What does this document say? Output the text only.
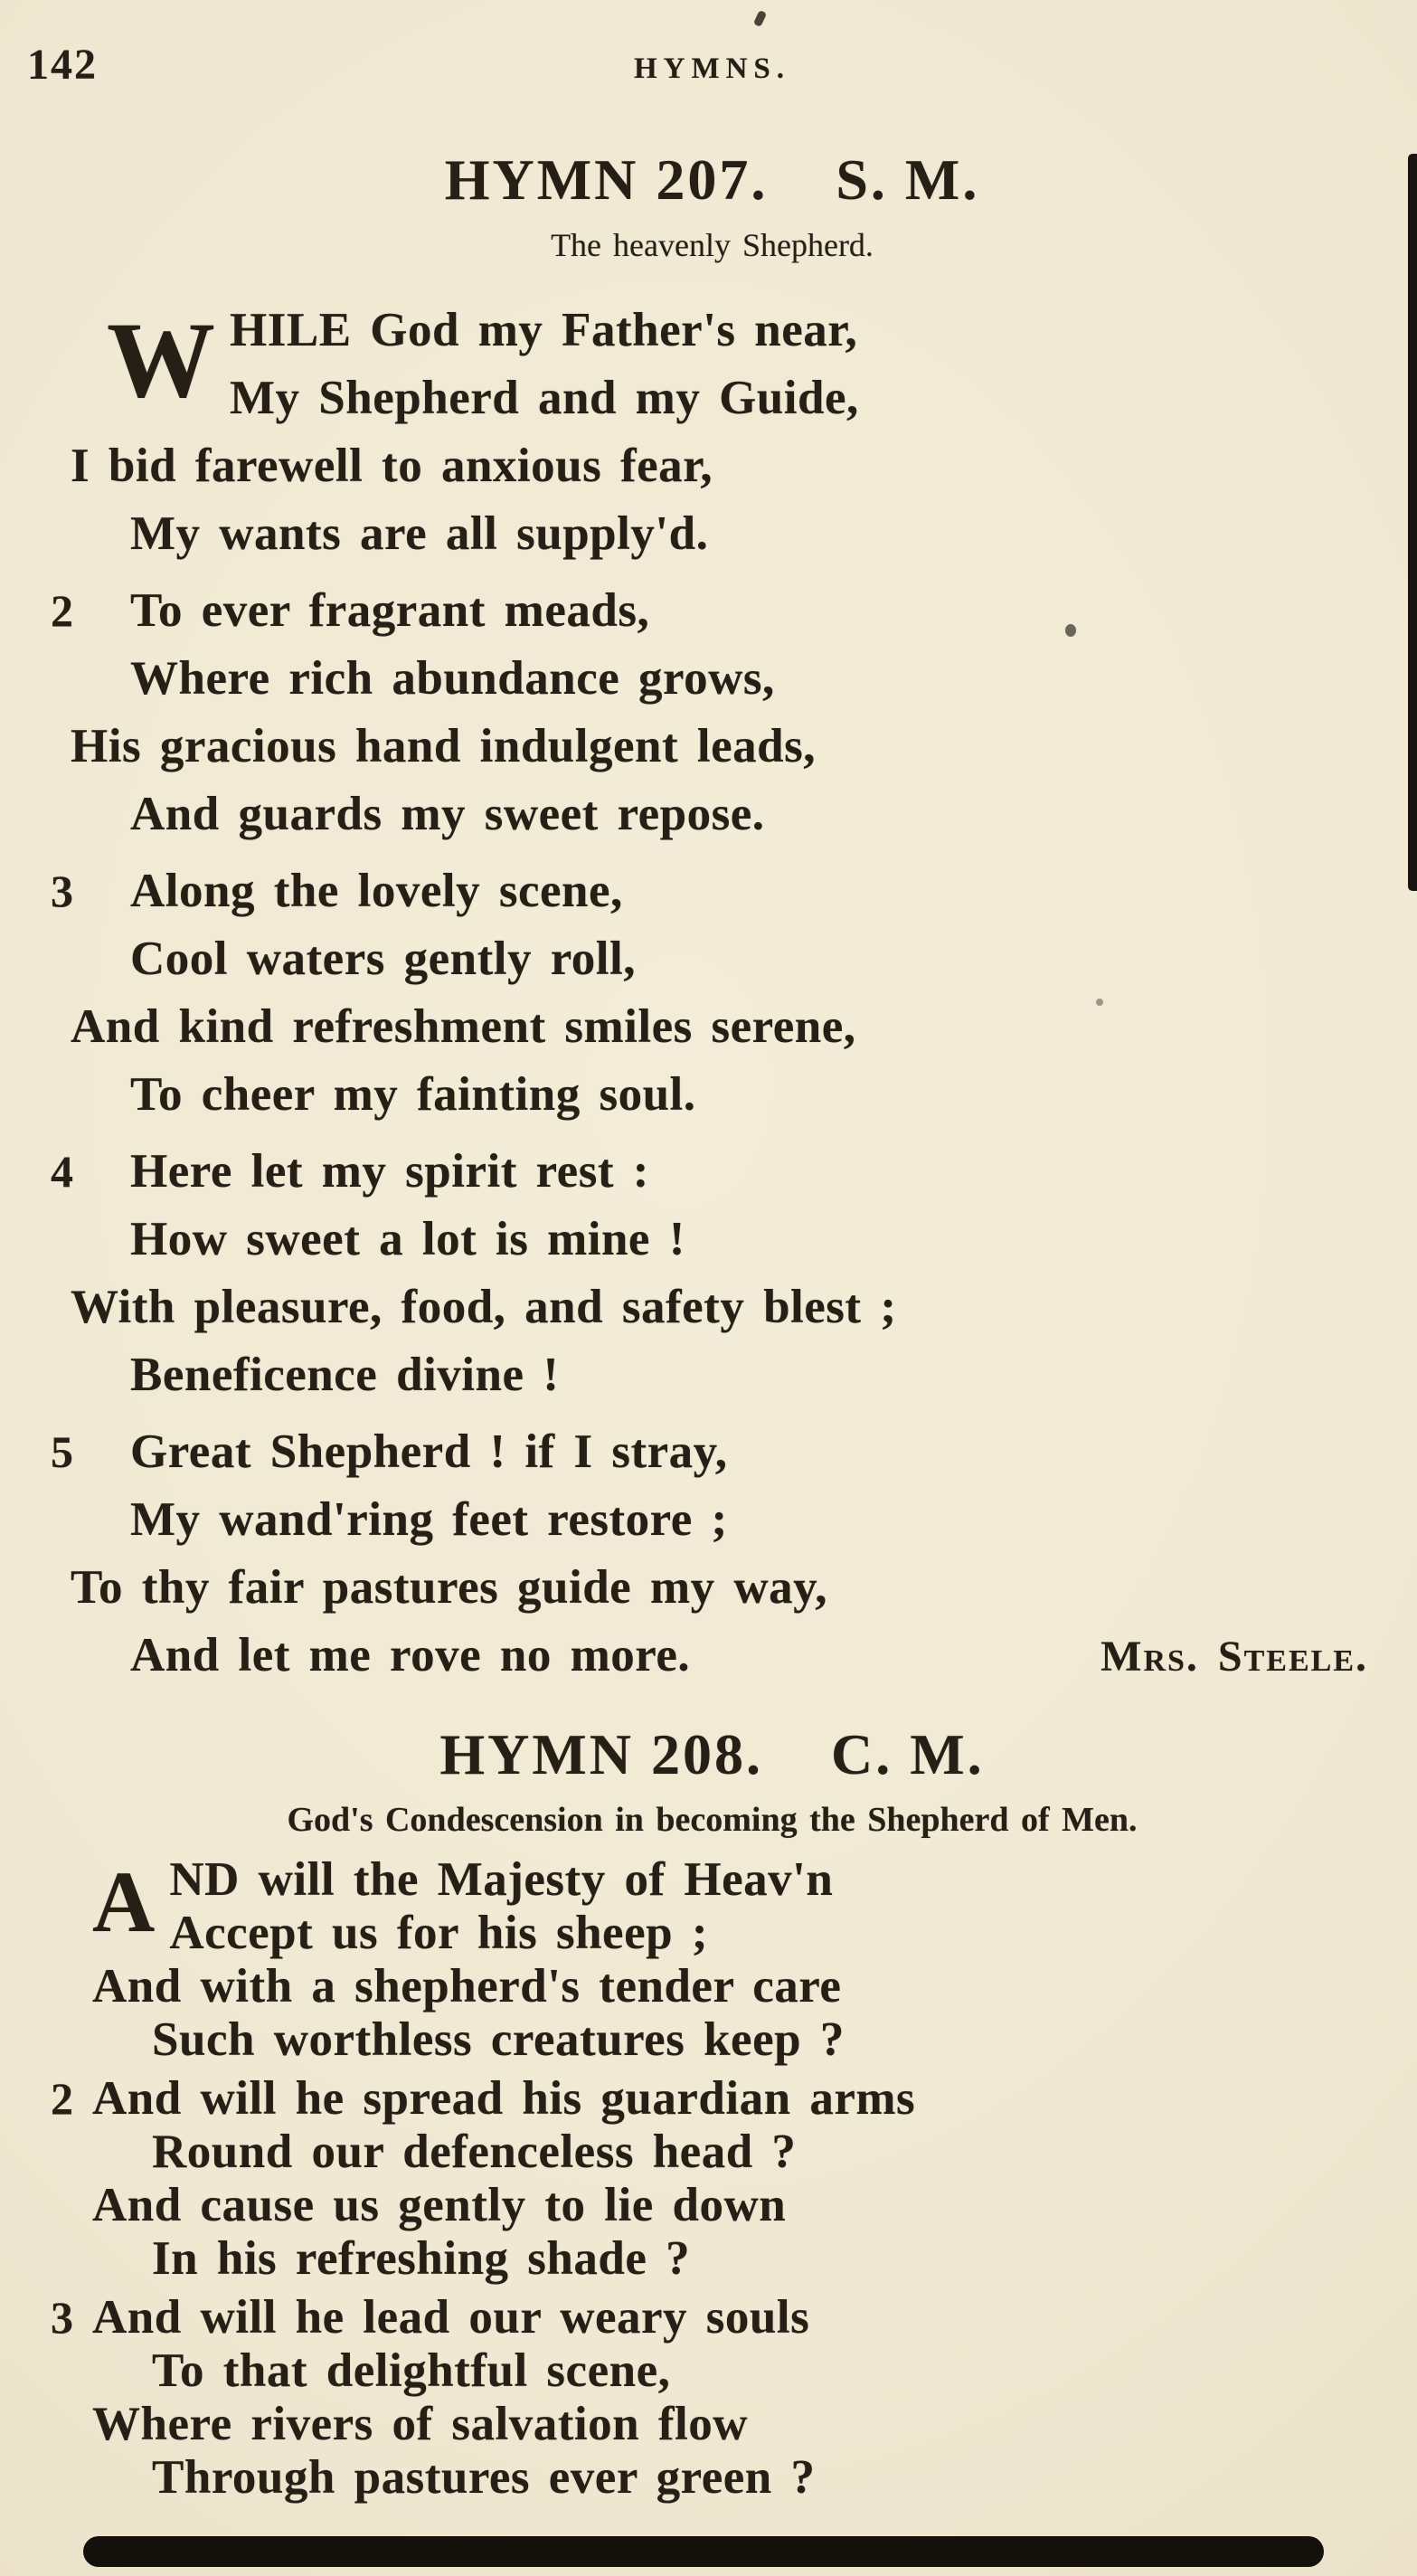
142	HYMNS.
HYMN 207. S. M.
The heavenly Shepherd.
W HILE God my Father's near,
My Shepherd and my Guide,
I bid farewell to anxious fear,
My wants are all supply'd.
2	To ever fragrant meads,
Where rich abundance grows,
His gracious hand indulgent leads,
And guards my sweet repose.
3	Along the lovely scene,
Cool waters gently roll,
And kind refreshment smiles serene,
To cheer my fainting soul.
4	Here let my spirit rest :
How sweet a lot is mine !
With pleasure, food, and safety blest ;
Beneficence divine !
5	Great Shepherd ! if I stray,
My wand'ring feet restore ;
To thy fair pastures guide my way,
And let me rove no more.	Mrs. Steele.
HYMN 208. C. M.
God's Condescension in becoming the Shepherd of Men.
A ND will the Majesty of Heav'n
Accept us for his sheep ;
And with a shepherd's tender care
Such worthless creatures keep ?
2 And will he spread his guardian arms
Round our defenceless head ?
And cause us gently to lie down
In his refreshing shade ?
3 And will he lead our weary souls
To that delightful scene,
Where rivers of salvation flow
Through pastures ever green ?
